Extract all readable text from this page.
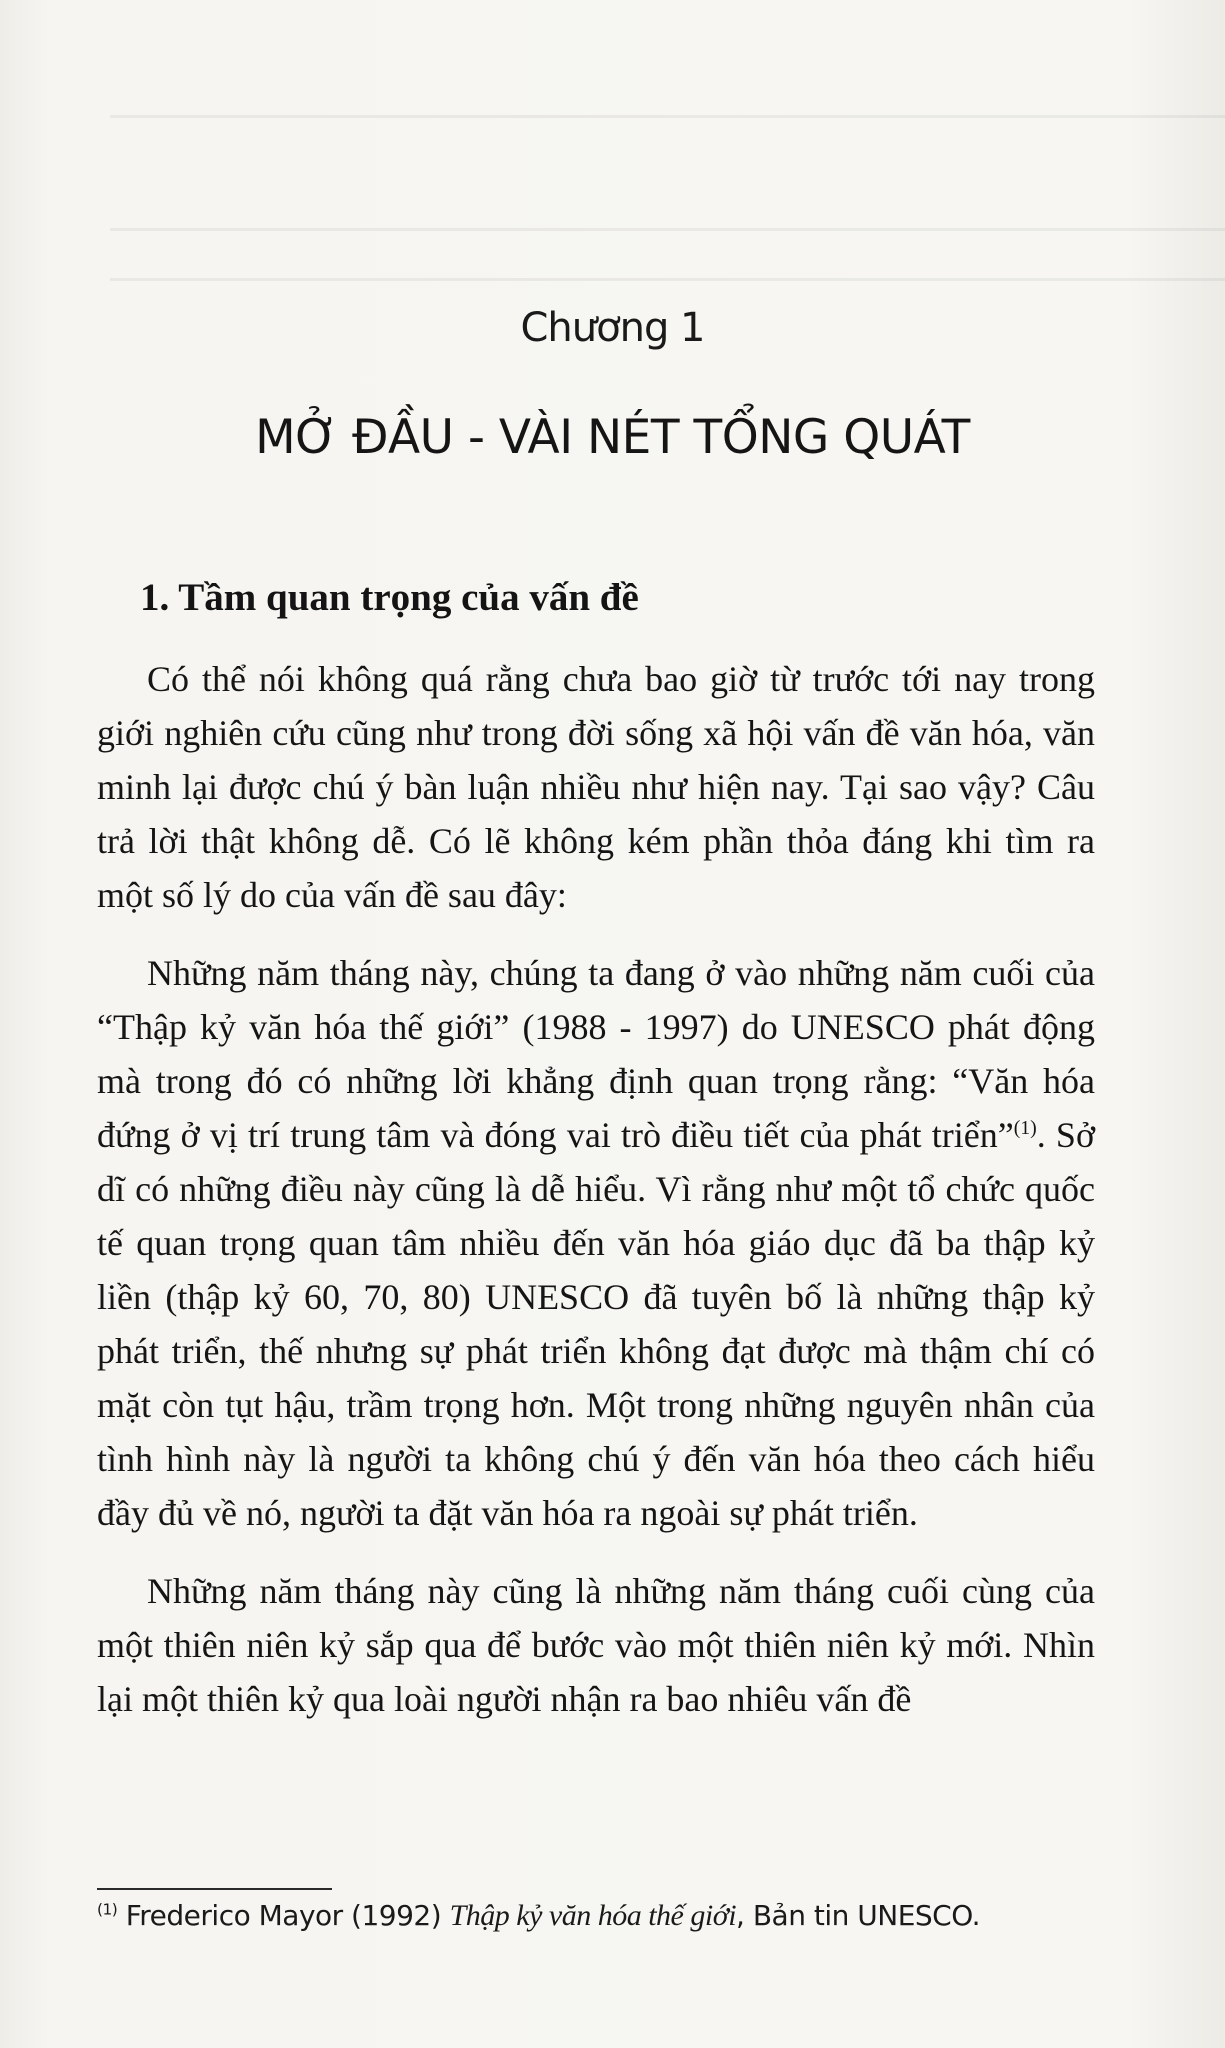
Chương 1
MỞ ĐẦU - VÀI NÉT TỔNG QUÁT
1. Tầm quan trọng của vấn đề

Có thể nói không quá rằng chưa bao giờ từ trước tới nay trong giới nghiên cứu cũng như trong đời sống xã hội vấn đề văn hóa, văn minh lại được chú ý bàn luận nhiều như hiện nay. Tại sao vậy? Câu trả lời thật không dễ. Có lẽ không kém phần thỏa đáng khi tìm ra một số lý do của vấn đề sau đây:

Những năm tháng này, chúng ta đang ở vào những năm cuối của “Thập kỷ văn hóa thế giới” (1988 - 1997) do UNESCO phát động mà trong đó có những lời khẳng định quan trọng rằng: “Văn hóa đứng ở vị trí trung tâm và đóng vai trò điều tiết của phát triển”$^{(1)}$. Sở dĩ có những điều này cũng là dễ hiểu. Vì rằng như một tổ chức quốc tế quan trọng quan tâm nhiều đến văn hóa giáo dục đã ba thập kỷ liền (thập kỷ 60, 70, 80) UNESCO đã tuyên bố là những thập kỷ phát triển, thế nhưng sự phát triển không đạt được mà thậm chí có mặt còn tụt hậu, trầm trọng hơn. Một trong những nguyên nhân của tình hình này là người ta không chú ý đến văn hóa theo cách hiểu đầy đủ về nó, người ta đặt văn hóa ra ngoài sự phát triển.

Những năm tháng này cũng là những năm tháng cuối cùng của một thiên niên kỷ sắp qua để bước vào một thiên niên kỷ mới. Nhìn lại một thiên kỷ qua loài người nhận ra bao nhiêu vấn đề

$^{(1)}$ Frederico Mayor (1992) Thập kỷ văn hóa thế giới, Bản tin UNESCO.
